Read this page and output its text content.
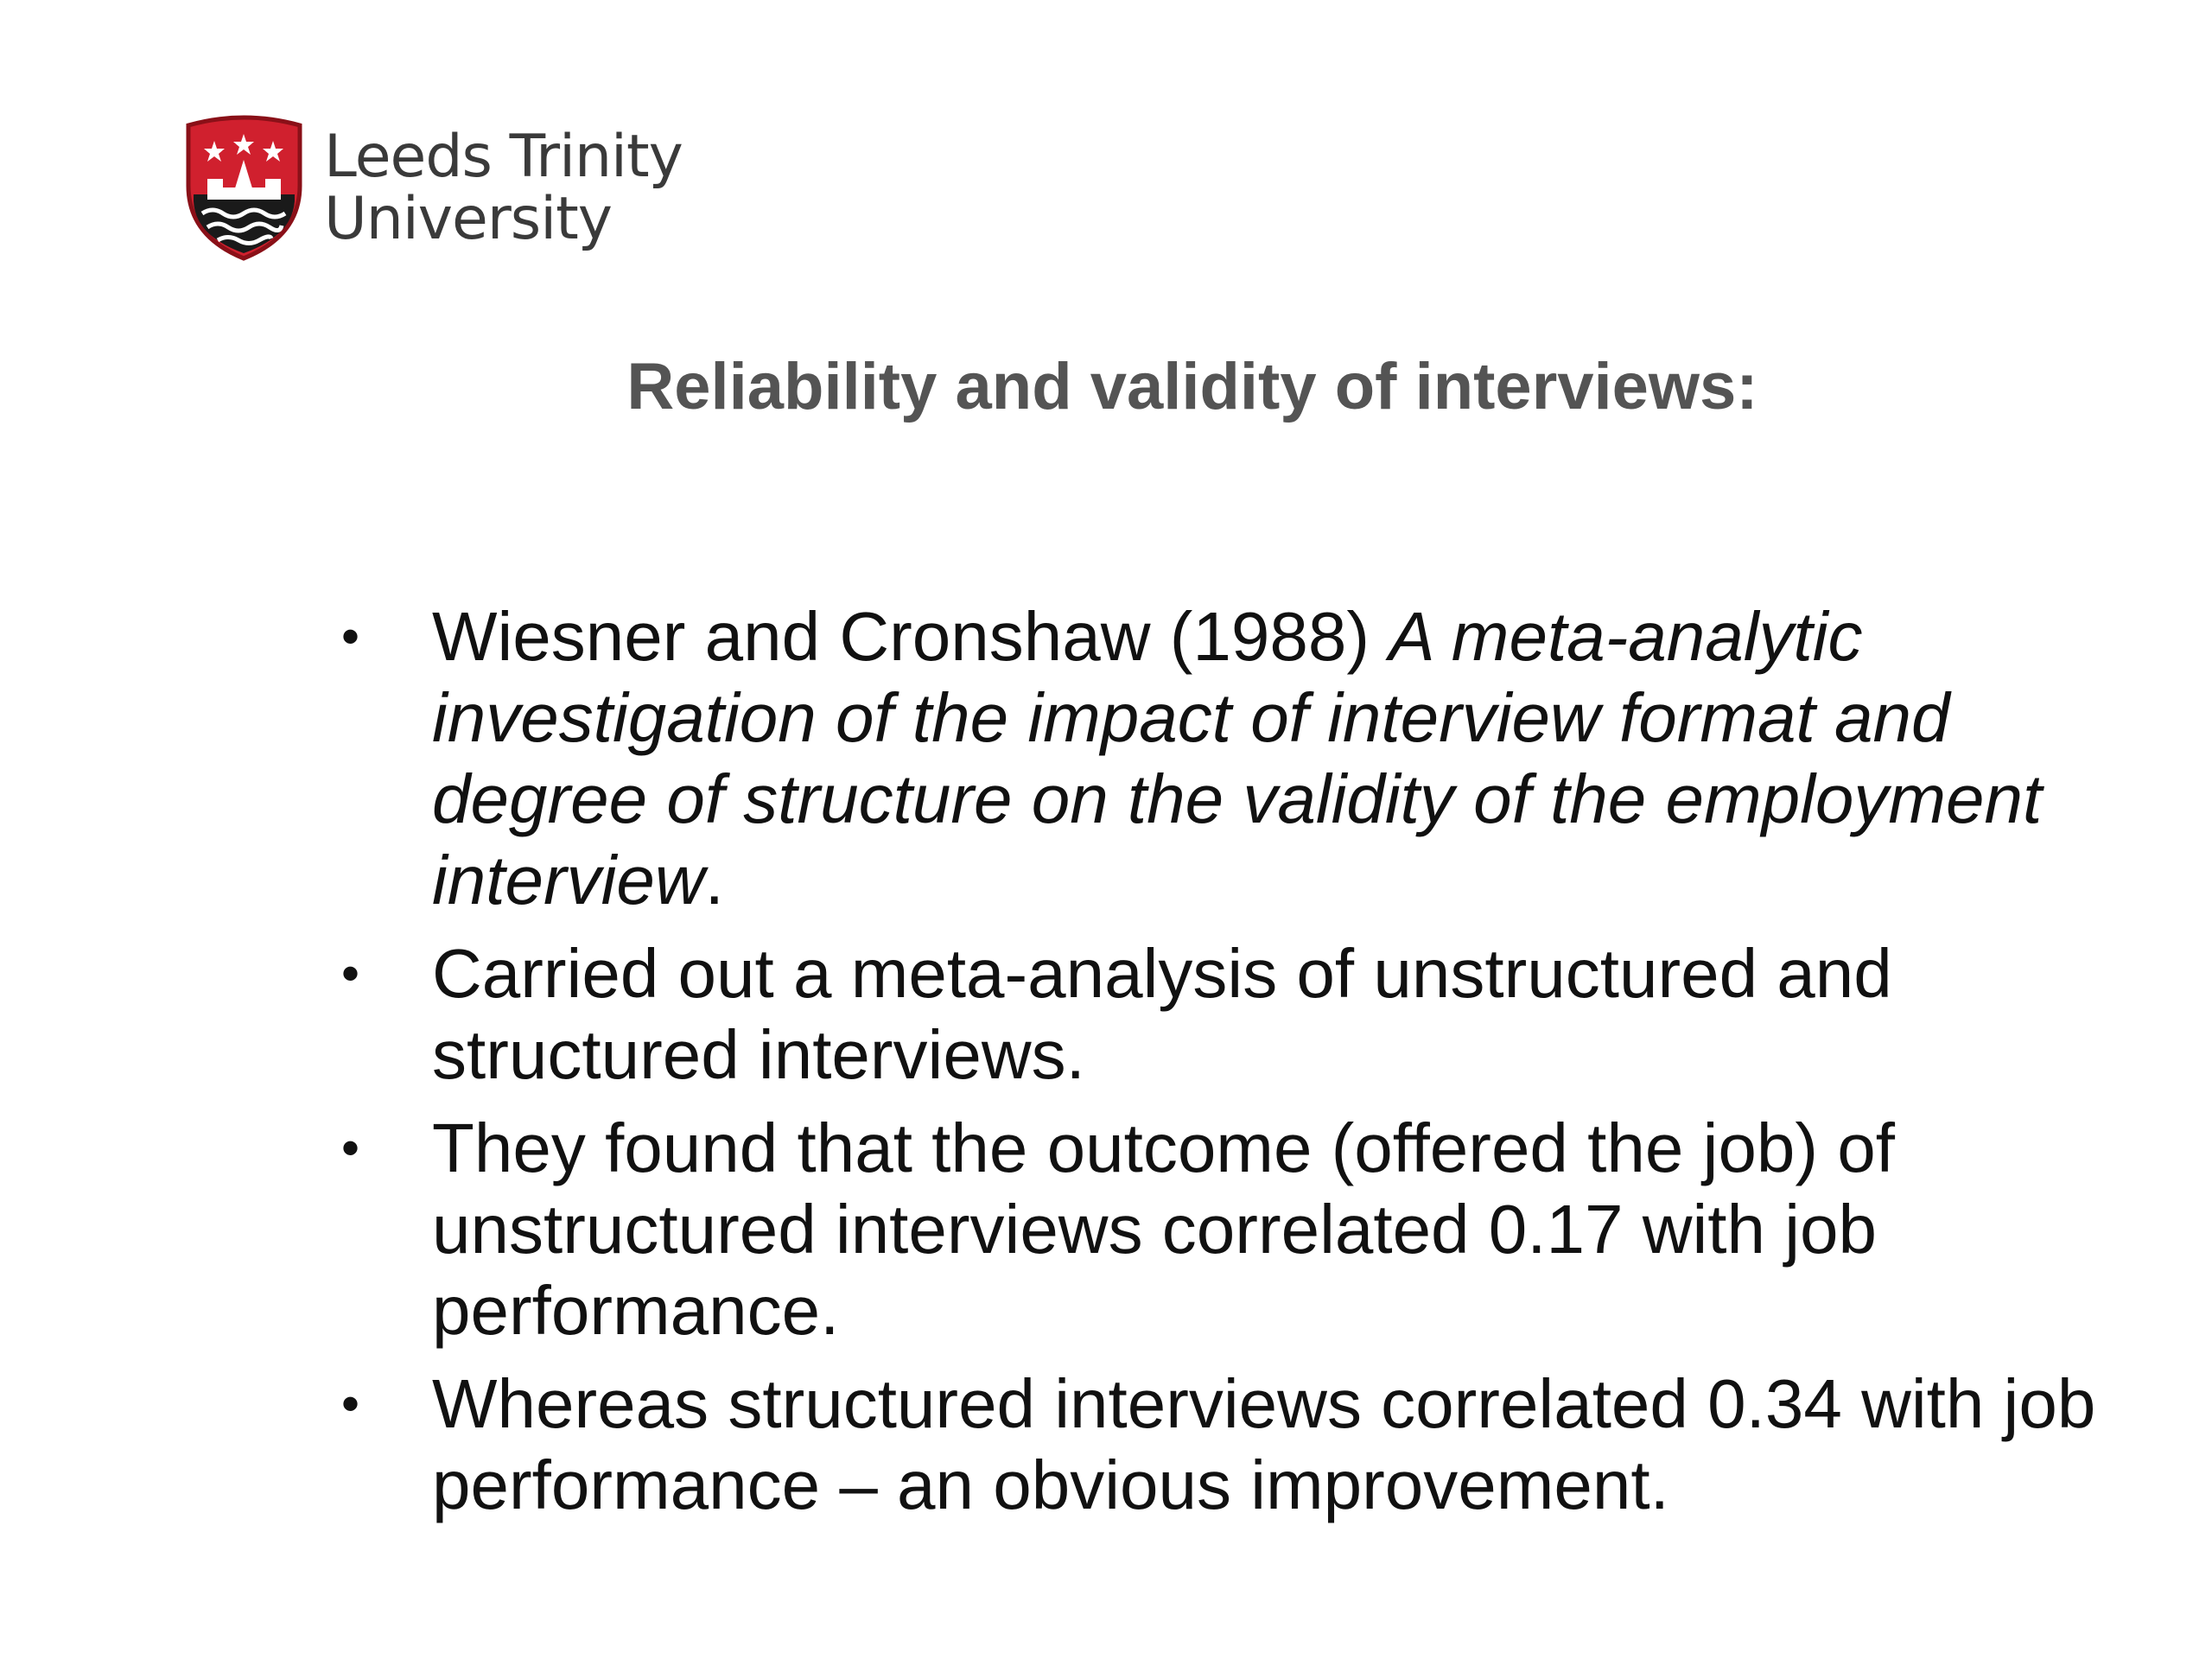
Leeds Trinity
University
Reliability and validity of interviews:
•	Wiesner and Cronshaw (1988) A meta-analytic investigation of the impact of interview format and degree of structure on the validity of the employment interview.
•	Carried out a meta-analysis of unstructured and structured interviews.
•	They found that the outcome (offered the job) of unstructured interviews correlated 0.17 with job performance.
•	Whereas structured interviews correlated 0.34 with job performance – an obvious improvement.
